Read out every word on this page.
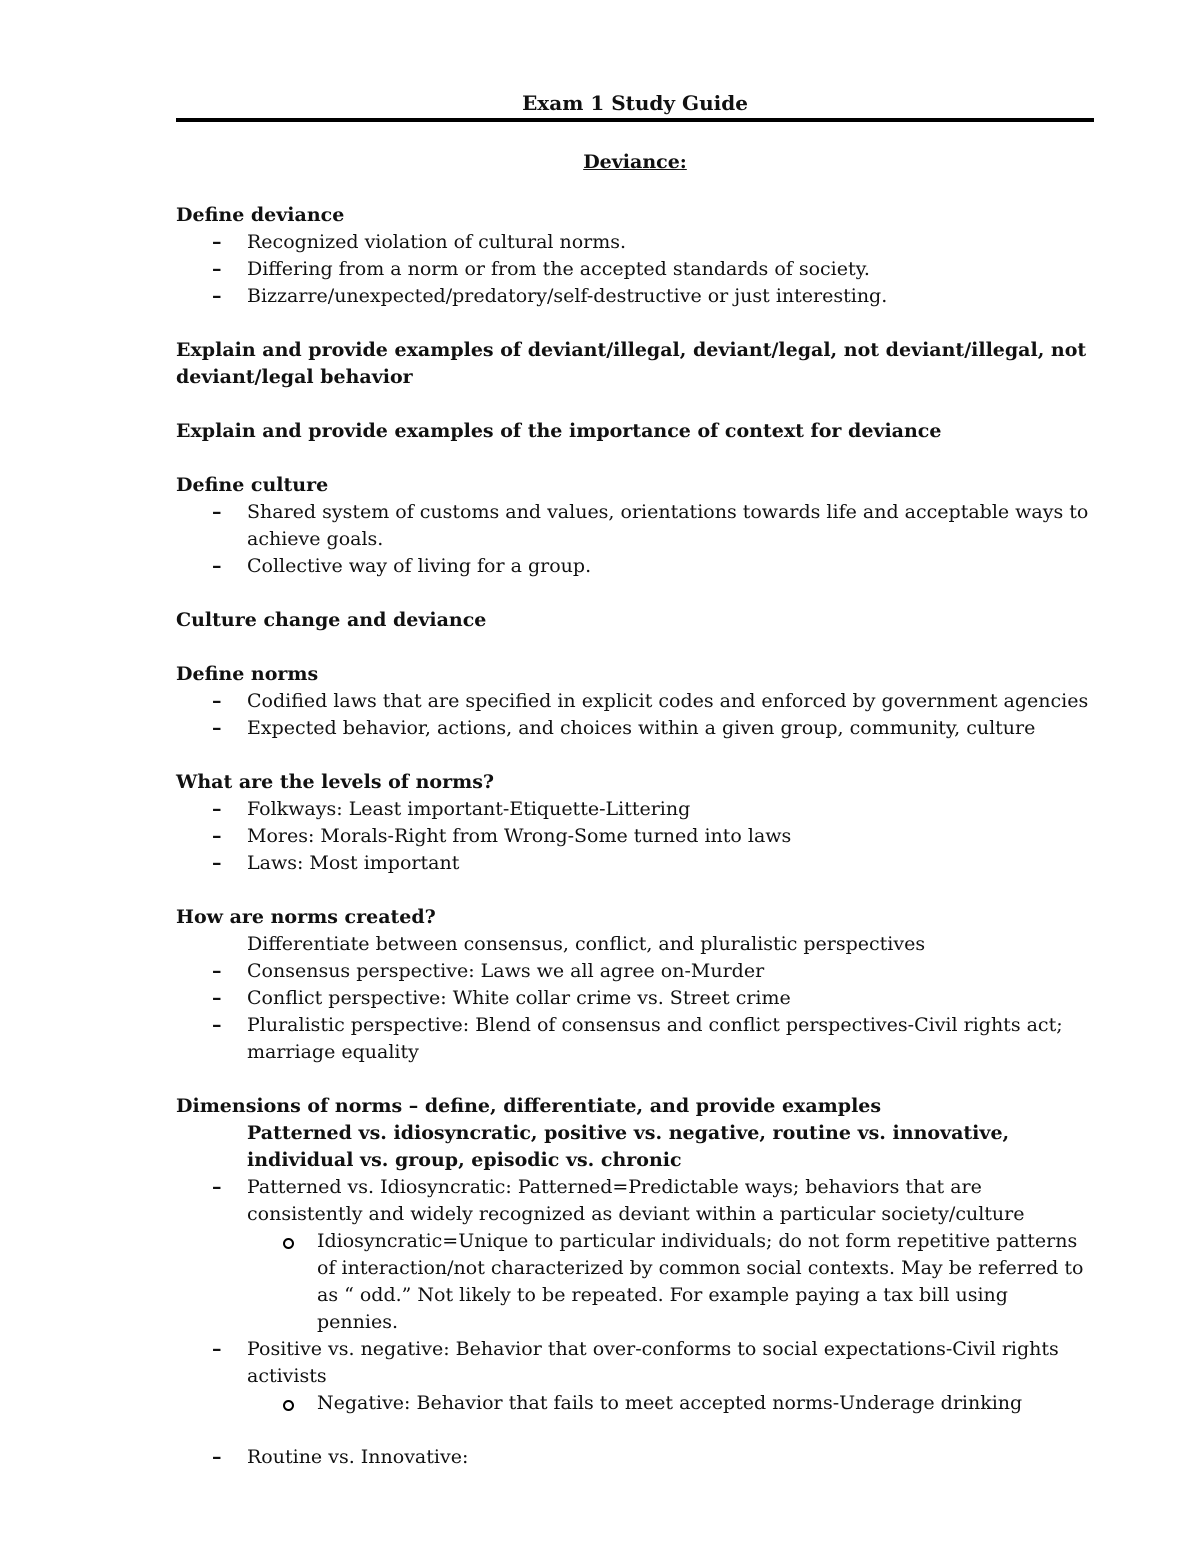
Exam 1 Study Guide
Deviance:
Define deviance
– Recognized violation of cultural norms.
– Differing from a norm or from the accepted standards of society.
– Bizzarre/unexpected/predatory/self-destructive or just interesting.
Explain and provide examples of deviant/illegal, deviant/legal, not deviant/illegal, not deviant/legal behavior
Explain and provide examples of the importance of context for deviance
Define culture
– Shared system of customs and values, orientations towards life and acceptable ways to achieve goals.
– Collective way of living for a group.
Culture change and deviance
Define norms
– Codified laws that are specified in explicit codes and enforced by government agencies
– Expected behavior, actions, and choices within a given group, community, culture
What are the levels of norms?
– Folkways: Least important-Etiquette-Littering
– Mores: Morals-Right from Wrong-Some turned into laws
– Laws: Most important
How are norms created?
Differentiate between consensus, conflict, and pluralistic perspectives
– Consensus perspective: Laws we all agree on-Murder
– Conflict perspective: White collar crime vs. Street crime
– Pluralistic perspective: Blend of consensus and conflict perspectives-Civil rights act; marriage equality
Dimensions of norms – define, differentiate, and provide examples
Patterned vs. idiosyncratic, positive vs. negative, routine vs. innovative, individual vs. group, episodic vs. chronic
– Patterned vs. Idiosyncratic: Patterned=Predictable ways; behaviors that are consistently and widely recognized as deviant within a particular society/culture
Idiosyncratic=Unique to particular individuals; do not form repetitive patterns of interaction/not characterized by common social contexts. May be referred to as “ odd.” Not likely to be repeated. For example paying a tax bill using pennies.
– Positive vs. negative: Behavior that over-conforms to social expectations-Civil rights activists
Negative: Behavior that fails to meet accepted norms-Underage drinking
– Routine vs. Innovative:
